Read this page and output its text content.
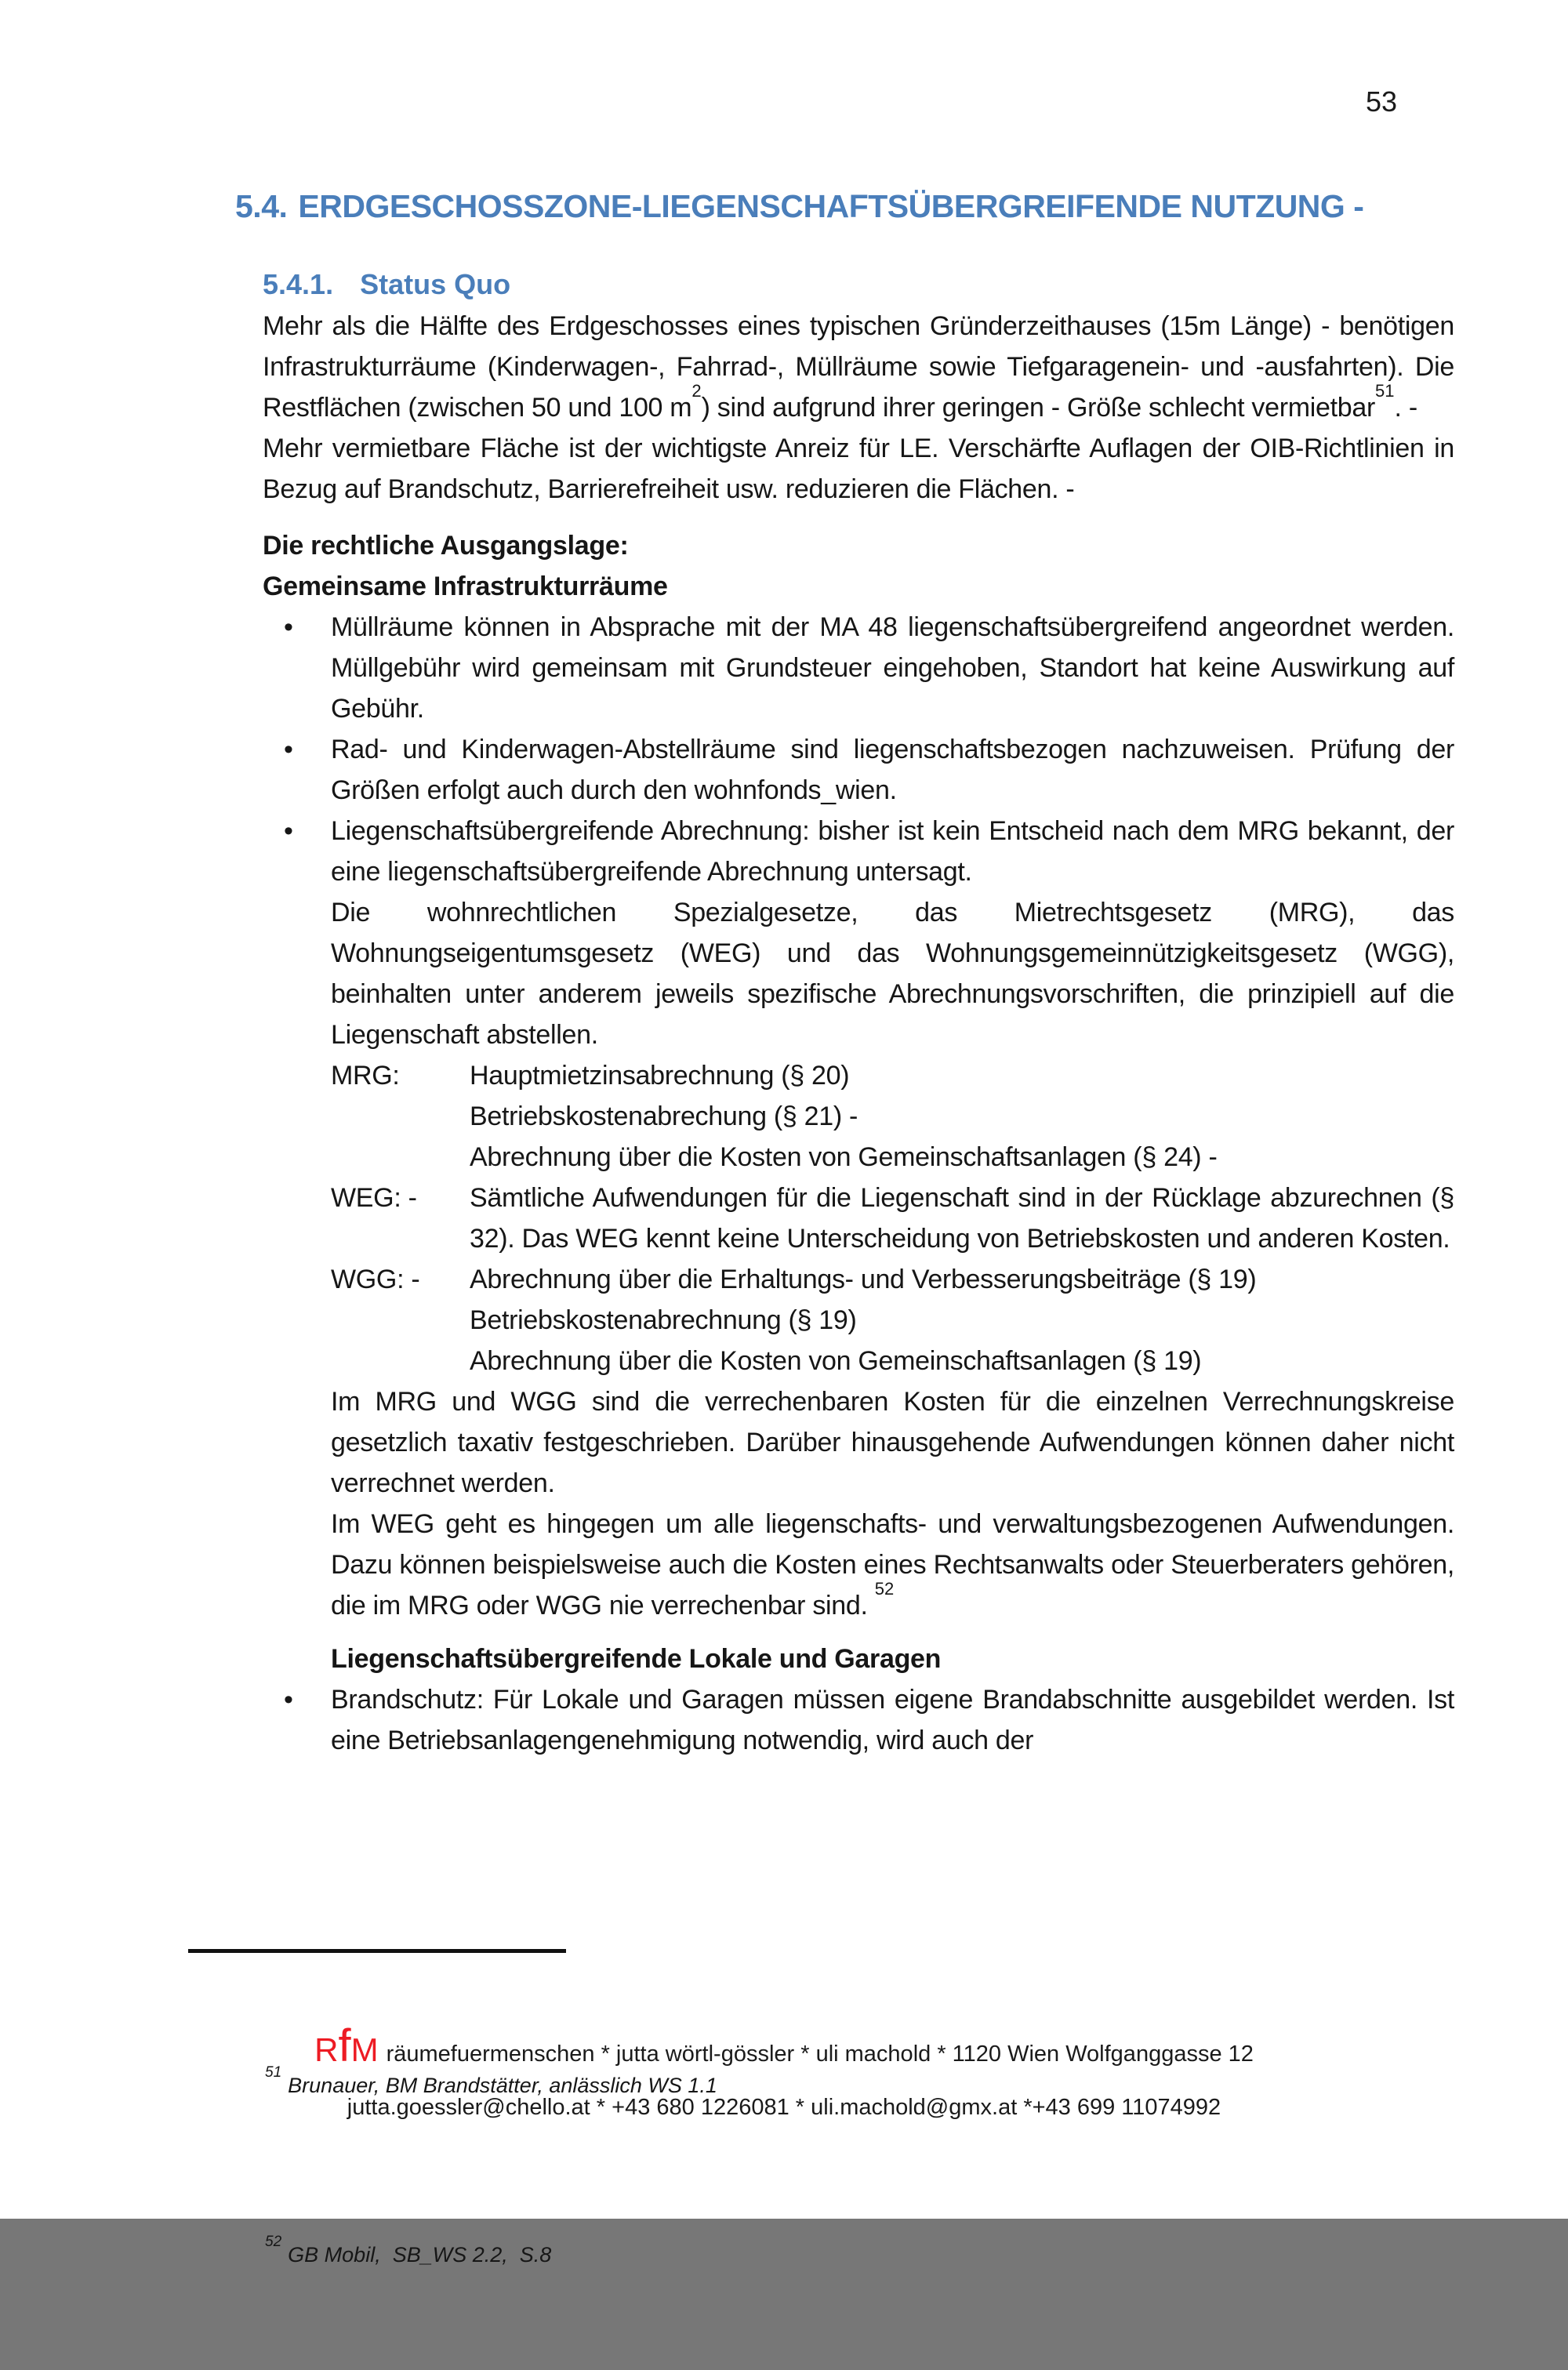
53
5.4. ERDGESCHOSSZONE-LIEGENSCHAFTSÜBERGREIFENDE NUTZUNG -
5.4.1. Status Quo
Mehr als die Hälfte des Erdgeschosses eines typischen Gründerzeithauses (15m Länge) - benötigen Infrastrukturräume (Kinderwagen-, Fahrrad-, Müllräume sowie Tiefgaragenein- und -ausfahrten). Die Restflächen (zwischen 50 und 100 m$^2$) sind aufgrund ihrer geringen - Größe schlecht vermietbar$^{51}$. -
Mehr vermietbare Fläche ist der wichtigste Anreiz für LE. Verschärfte Auflagen der OIB-Richtlinien in Bezug auf Brandschutz, Barrierefreiheit usw. reduzieren die Flächen. -
Die rechtliche Ausgangslage:
Gemeinsame Infrastrukturräume
• Müllräume können in Absprache mit der MA 48 liegenschaftsübergreifend angeordnet werden. Müllgebühr wird gemeinsam mit Grundsteuer eingehoben, Standort hat keine Auswirkung auf Gebühr.
• Rad- und Kinderwagen-Abstellräume sind liegenschaftsbezogen nachzuweisen. Prüfung der Größen erfolgt auch durch den wohnfonds_wien.
• Liegenschaftsübergreifende Abrechnung: bisher ist kein Entscheid nach dem MRG bekannt, der eine liegenschaftsübergreifende Abrechnung untersagt.
Die wohnrechtlichen Spezialgesetze, das Mietrechtsgesetz (MRG), das Wohnungseigentumsgesetz (WEG) und das Wohnungsgemeinnützigkeitsgesetz (WGG), beinhalten unter anderem jeweils spezifische Abrechnungsvorschriften, die prinzipiell auf die Liegenschaft abstellen.
MRG:	Hauptmietzinsabrechnung (§ 20)
Betriebskostenabrechung (§ 21) -
Abrechnung über die Kosten von Gemeinschaftsanlagen (§ 24) -
WEG: -	Sämtliche Aufwendungen für die Liegenschaft sind in der Rücklage abzurechnen (§ 32). Das WEG kennt keine Unterscheidung von Betriebskosten und anderen Kosten.
WGG: -	Abrechnung über die Erhaltungs- und Verbesserungsbeiträge (§ 19)
Betriebskostenabrechnung (§ 19)
Abrechnung über die Kosten von Gemeinschaftsanlagen (§ 19)
Im MRG und WGG sind die verrechenbaren Kosten für die einzelnen Verrechnungskreise gesetzlich taxativ festgeschrieben. Darüber hinausgehende Aufwendungen können daher nicht verrechnet werden.
Im WEG geht es hingegen um alle liegenschafts- und verwaltungsbezogenen Aufwendungen. Dazu können beispielsweise auch die Kosten eines Rechtsanwalts oder Steuerberaters gehören, die im MRG oder WGG nie verrechenbar sind. $^{52}$
Liegenschaftsübergreifende Lokale und Garagen
• Brandschutz: Für Lokale und Garagen müssen eigene Brandabschnitte ausgebildet werden. Ist eine Betriebsanlagengenehmigung notwendig, wird auch der

$^{51}$Brunauer, BM Brandstätter, anlässlich WS 1.1

$^{52}$GB Mobil,  SB_WS 2.2,  S.8

RfM räumefuermenschen * jutta wörtl-gössler * uli machold * 1120 Wien Wolfganggasse 12
jutta.goessler@chello.at * +43 680 1226081 * uli.machold@gmx.at *+43 699 11074992
